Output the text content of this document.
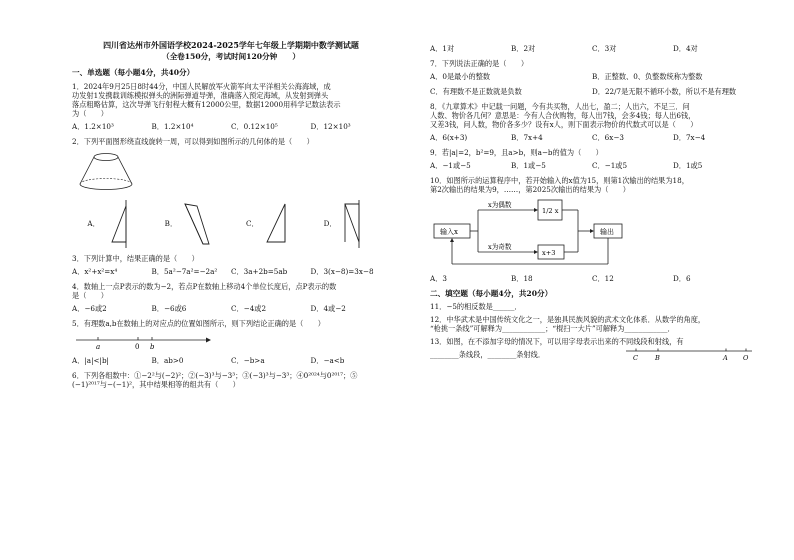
四川省达州市外国语学校2024-2025学年七年级上学期期中数学测试题
（全卷150分，考试时间120分钟　　）
一、单选题（每小题4分，共40分）
1．2024年9月25日8时44分，中国人民解放军火箭军向太平洋相关公海海域，成
功发射1发携载训练模拟弹头的洲际弹道导弹，准确落入预定海域，从发射到弹头
落点粗略估算，这次导弹飞行射程大概有12000公里，数据12000用科学记数法表示
为（　　）
A．1.2×10³	B．1.2×10⁴	C．0.12×10⁵	D．12×10³
2．下列平面图形绕直线旋转一周，可以得到如图所示的几何体的是（　　）
A．	B．	C．	D．
3．下列计算中，结果正确的是（　　）
A．x²+x²=x⁴	B．5a²−7a²=−2a²	C．3a+2b=5ab	D．3(x−8)=3x−8
4．数轴上一点P表示的数为−2，若点P在数轴上移动4个单位长度后，点P表示的数
是（　　）
A．−6或2	B．−6或6	C．−4或2	D．4或−2
5．有理数a,b在数轴上的对应点的位置如图所示，则下列结论正确的是（　　）
a	0 b
A．|a|<|b|	B．ab>0	C．−b>a	D．−a<b
6．下列各组数中：①−2²与(−2)²；②(−3)³与−3³；③(−3)³与−3³；④0²⁰²⁴与0²⁰¹⁷；⑤
(−1)²⁰¹⁷与−(−1)²，其中结果相等的组共有（　　）
A．1对	B．2对	C．3对	D．4对
7．下列说法正确的是（　　）
A．0是最小的整数	B．正整数、0、负整数统称为整数
C．有理数不是正数就是负数	D．22/7是无限不循环小数，所以不是有理数
8．《九章算术》中记载一问题，今有共买物，人出七，盈二；人出六，不足三．问
人数、物价各几何？意思是：今有人合伙购物，每人出7钱，会多4钱；每人出6钱，
又差3钱，问人数，物价各多少？设有x人，则下面表示物价的代数式可以是（　　）
A．6(x+3)	B．7x+4	C．6x−3	D．7x−4
9．若|a|=2，b²=9，且a>b，则a−b的值为（　　）
A．−1或−5	B．1或−5	C．−1或5	D．1或5
10．如图所示的运算程序中，若开始输入的x值为15，则第1次输出的结果为18，
第2次输出的结果为9，……，第2025次输出的结果为（　　）
输入x
x为偶数
x为奇数
1/2 x
x+3
输出
A．3	B．18	C．12	D．6
二、填空题（每小题4分，共20分）
11．−5的相反数是______．
12．中华武术是中国传统文化之一，是独具民族风貌的武术文化体系．从数学的角度，
“枪挑一条线”可解释为____________；“棍扫一大片”可解释为____________．
13．如图，在不添加字母的情况下，可以用字母表示出来的不同线段和射线，有
________条线段，________条射线．	C	B	A O
